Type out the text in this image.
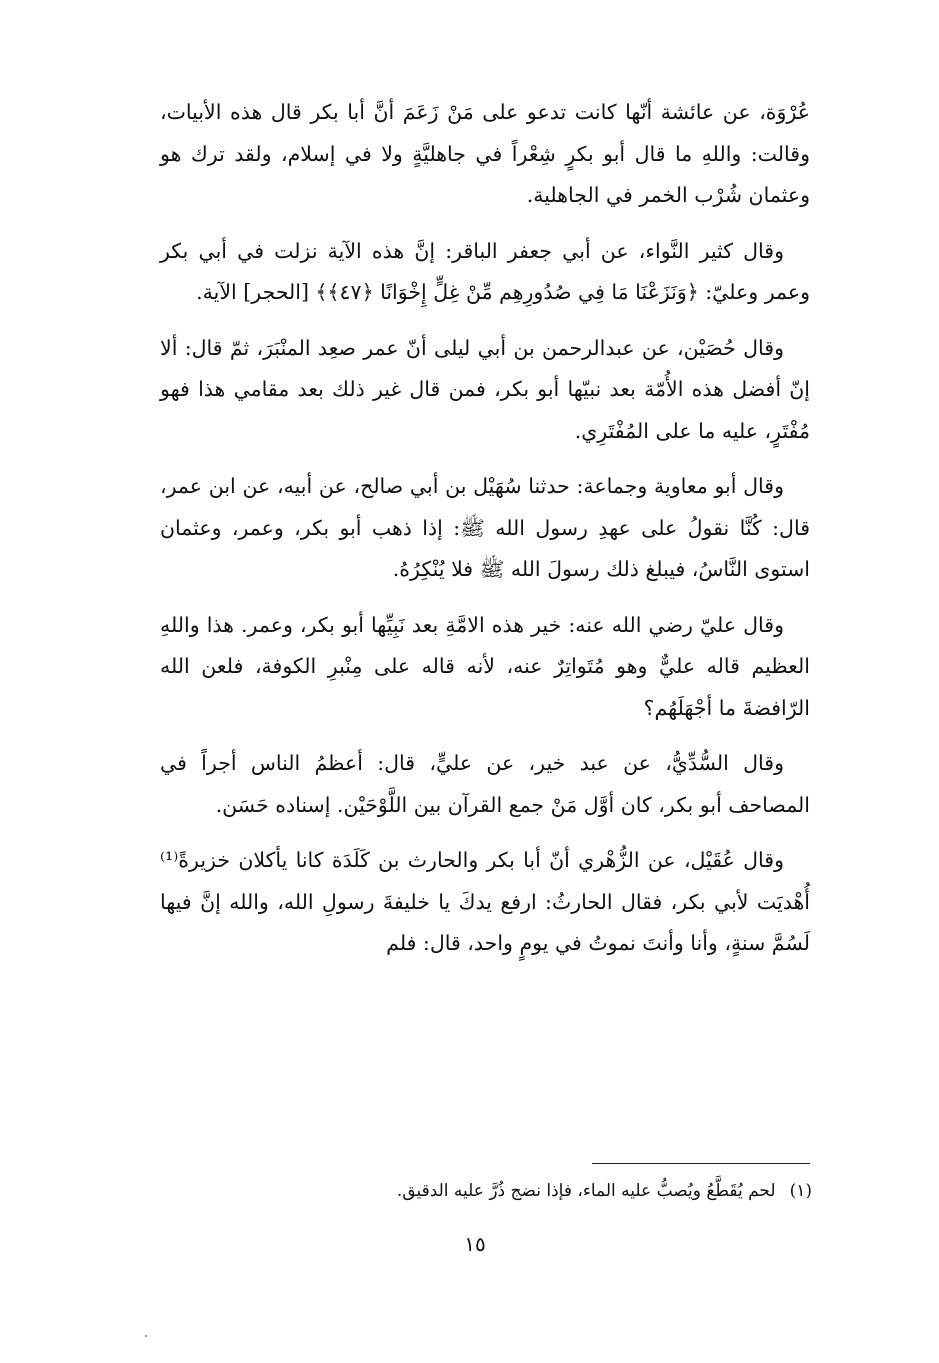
عُرْوَة، عن عائشة أنّها كانت تدعو على مَنْ زَعَمَ أنَّ أبا بكر قال هذه الأبيات، وقالت: واللهِ ما قال أبو بكرٍ شِعْراً في جاهليَّةٍ ولا في إسلام، ولقد ترك هو وعثمان شُرْب الخمر في الجاهلية.

وقال كثير النَّواء، عن أبي جعفر الباقر: إنَّ هذه الآية نزلت في أبي بكر وعمر وعليّ: ﴿وَنَزَعْنَا مَا فِي صُدُورِهِم مِّنْ غِلٍّ إِخْوَانًا ﴿٤٧﴾﴾ [الحجر] الآية.

وقال حُصَيْن، عن عبدالرحمن بن أبي ليلى أنّ عمر صعِد المنْبَرَ، ثمّ قال: ألا إنّ أفضل هذه الأُمّة بعد نبيّها أبو بكر، فمن قال غير ذلك بعد مقامي هذا فهو مُفْتَرٍ، عليه ما على المُفْتَرِي.

وقال أبو معاوية وجماعة: حدثنا سُهَيْل بن أبي صالح، عن أبيه، عن ابن عمر، قال: كُنَّا نقولُ على عهدِ رسول الله ﷺ: إذا ذهب أبو بكر، وعمر، وعثمان استوى النَّاسُ، فيبلغ ذلك رسولَ الله ﷺ فلا يُنْكِرُهُ.

وقال عليّ رضي الله عنه: خير هذه الامَّةِ بعد نَبِيِّها أبو بكر، وعمر. هذا واللهِ العظيم قاله عليٌّ وهو مُتَواتِرٌ عنه، لأنه قاله على مِنْبرِ الكوفة، فلعن الله الرّافضةَ ما أجْهَلَهُم؟

وقال السُّدِّيُّ، عن عبد خير، عن عليٍّ، قال: أعظمُ الناس أجراً في المصاحف أبو بكر، كان أوَّل مَنْ جمع القرآن بين اللَّوْحَيْن. إسناده حَسَن.

وقال عُقَيْل، عن الزُّهْري أنّ أبا بكر والحارث بن كَلَدَة كانا يأكلان خزيرةً⁽¹⁾ أُهْديَت لأبي بكر، فقال الحارثُ: ارفع يدكَ يا خليفةَ رسولِ الله، والله إنَّ فيها لَسُمَّ سنةٍ، وأنا وأنتَ نموتُ في يومٍ واحد، قال: فلم

(١)لحم يُقَطَّعُ ويُصبُّ عليه الماء، فإذا نضج ذُرَّ عليه الدقيق.
١٥
